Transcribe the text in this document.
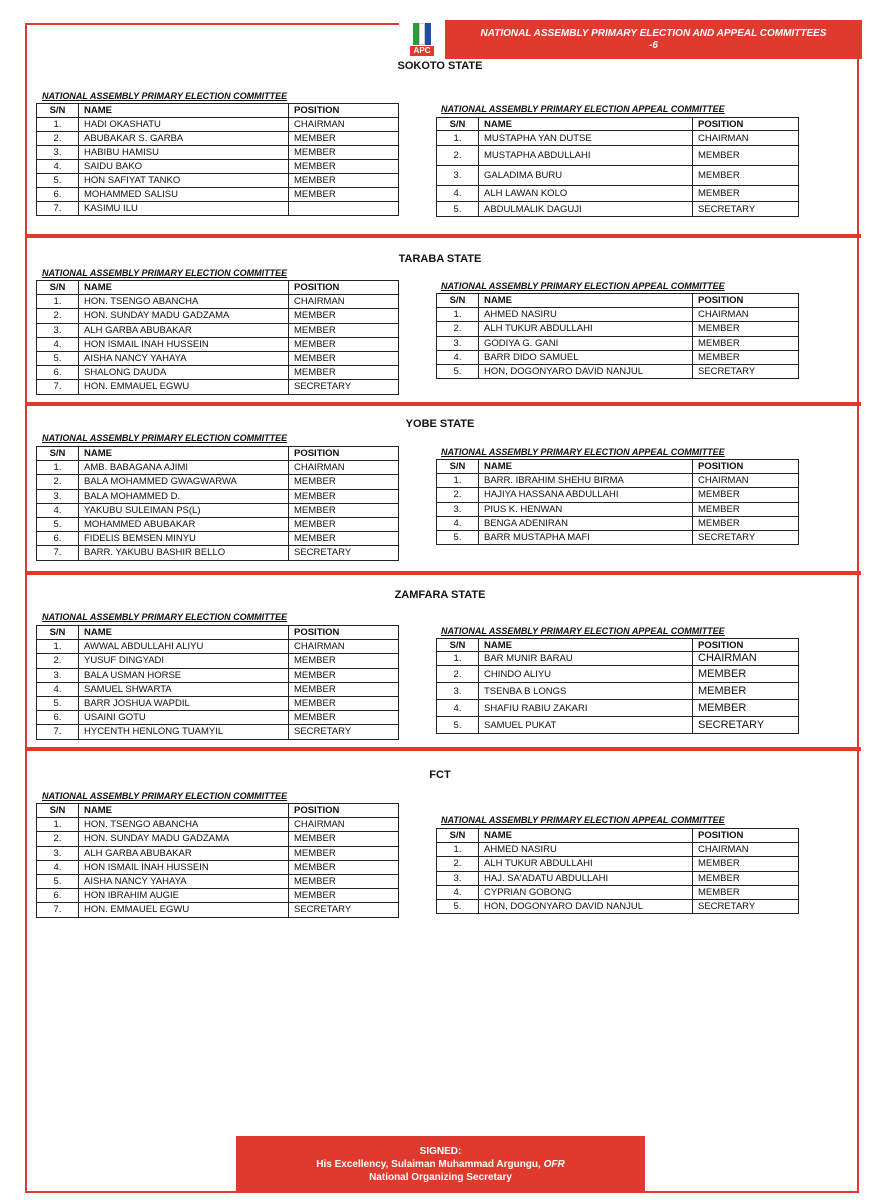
APC
NATIONAL ASSEMBLY PRIMARY ELECTION AND APPEAL COMMITTEES
-6
SOKOTO STATE
NATIONAL ASSEMBLY PRIMARY ELECTION COMMITTEE
NATIONAL ASSEMBLY PRIMARY ELECTION APPEAL COMMITTEE
S/N	NAME	POSITION
1.	HADI OKASHATU	CHAIRMAN
2.	ABUBAKAR S. GARBA	MEMBER
3.	HABIBU HAMISU	MEMBER
4.	SAIDU BAKO	MEMBER
5.	HON SAFIYAT TANKO	MEMBER
6.	MOHAMMED SALISU	MEMBER
7.	KASIMU ILU	
S/N	NAME	POSITION
1.	MUSTAPHA YAN DUTSE	CHAIRMAN
2.	MUSTAPHA ABDULLAHI	MEMBER
3.	GALADIMA BURU	MEMBER
4.	ALH LAWAN KOLO	MEMBER
5.	ABDULMALIK DAGUJI	SECRETARY
TARABA STATE
NATIONAL ASSEMBLY PRIMARY ELECTION COMMITTEE
NATIONAL ASSEMBLY PRIMARY ELECTION APPEAL COMMITTEE
S/N	NAME	POSITION
1.	HON. TSENGO ABANCHA	CHAIRMAN
2.	HON. SUNDAY MADU GADZAMA	MEMBER
3.	ALH GARBA ABUBAKAR	MEMBER
4.	HON ISMAIL INAH HUSSEIN	MEMBER
5.	AISHA NANCY YAHAYA	MEMBER
6.	SHALONG DAUDA	MEMBER
7.	HON. EMMAUEL EGWU	SECRETARY
S/N	NAME	POSITION
1.	AHMED NASIRU	CHAIRMAN
2.	ALH TUKUR ABDULLAHI	MEMBER
3.	GODIYA G. GANI	MEMBER
4.	BARR DIDO SAMUEL	MEMBER
5.	HON, DOGONYARO DAVID NANJUL	SECRETARY
YOBE STATE
NATIONAL ASSEMBLY PRIMARY ELECTION COMMITTEE
NATIONAL ASSEMBLY PRIMARY ELECTION APPEAL COMMITTEE
S/N	NAME	POSITION
1.	AMB. BABAGANA AJIMI	CHAIRMAN
2.	BALA MOHAMMED GWAGWARWA	MEMBER
3.	BALA MOHAMMED D.	MEMBER
4.	YAKUBU SULEIMAN PS(L)	MEMBER
5.	MOHAMMED ABUBAKAR	MEMBER
6.	FIDELIS BEMSEN MINYU	MEMBER
7.	BARR. YAKUBU BASHIR BELLO	SECRETARY
S/N	NAME	POSITION
1.	BARR. IBRAHIM SHEHU BIRMA	CHAIRMAN
2.	HAJIYA HASSANA ABDULLAHI	MEMBER
3.	PIUS K. HENWAN	MEMBER
4.	BENGA ADENIRAN	MEMBER
5.	BARR MUSTAPHA MAFI	SECRETARY
ZAMFARA STATE
NATIONAL ASSEMBLY PRIMARY ELECTION COMMITTEE
NATIONAL ASSEMBLY PRIMARY ELECTION APPEAL COMMITTEE
S/N	NAME	POSITION
1.	AWWAL ABDULLAHI ALIYU	CHAIRMAN
2.	YUSUF DINGYADI	MEMBER
3.	BALA USMAN HORSE	MEMBER
4.	SAMUEL SHWARTA	MEMBER
5.	BARR JOSHUA WAPDIL	MEMBER
6.	USAINI GOTU	MEMBER
7.	HYCENTH HENLONG TUAMYIL	SECRETARY
S/N	NAME	POSITION
1.	BAR MUNIR BARAU	CHAIRMAN
2.	CHINDO ALIYU	MEMBER
3.	TSENBA B LONGS	MEMBER
4.	SHAFIU RABIU ZAKARI	MEMBER
5.	SAMUEL PUKAT	SECRETARY
FCT
NATIONAL ASSEMBLY PRIMARY ELECTION COMMITTEE
NATIONAL ASSEMBLY PRIMARY ELECTION APPEAL COMMITTEE
S/N	NAME	POSITION
1.	HON. TSENGO ABANCHA	CHAIRMAN
2.	HON. SUNDAY MADU GADZAMA	MEMBER
3.	ALH GARBA ABUBAKAR	MEMBER
4.	HON ISMAIL INAH HUSSEIN	MEMBER
5.	AISHA NANCY YAHAYA	MEMBER
6.	HON IBRAHIM AUGIE	MEMBER
7.	HON. EMMAUEL EGWU	SECRETARY
S/N	NAME	POSITION
1.	AHMED NASIRU	CHAIRMAN
2.	ALH TUKUR ABDULLAHI	MEMBER
3.	HAJ. SA'ADATU ABDULLAHI	MEMBER
4.	CYPRIAN GOBONG	MEMBER
5.	HON, DOGONYARO DAVID NANJUL	SECRETARY
SIGNED:
His Excellency, Sulaiman Muhammad Argungu, OFR
National Organizing Secretary
